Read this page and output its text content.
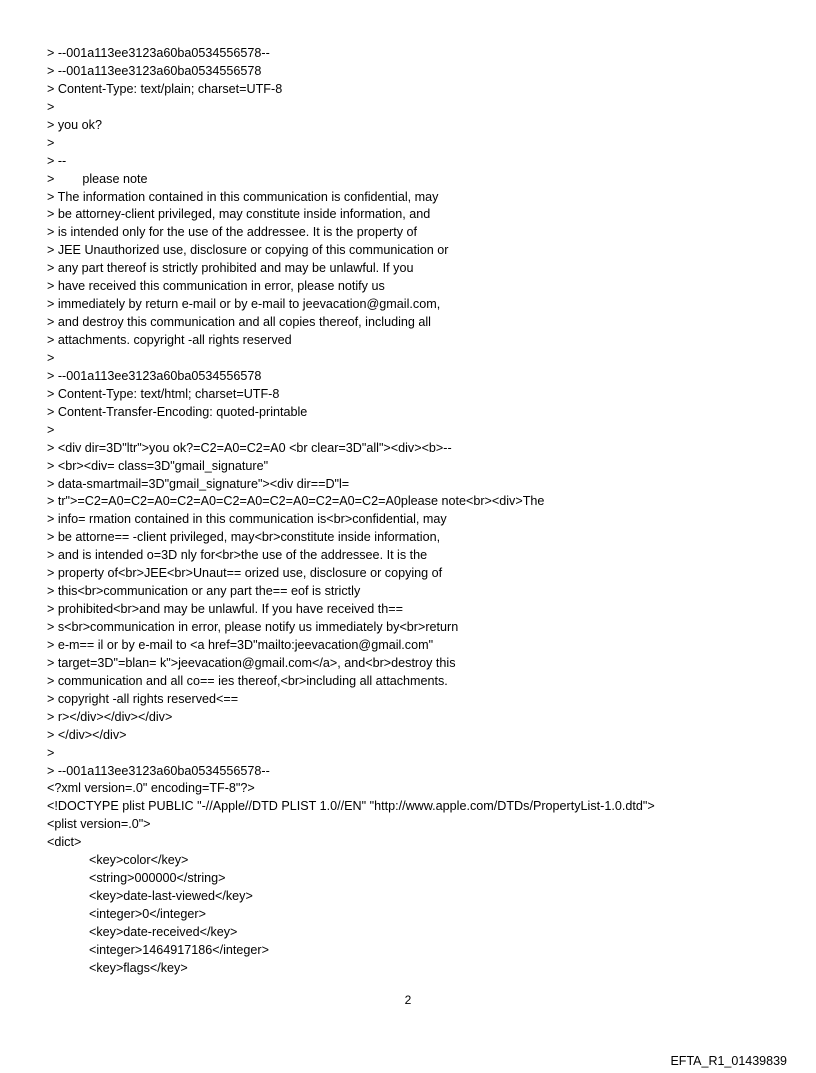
> --001a113ee3123a60ba0534556578--
> --001a113ee3123a60ba0534556578
> Content-Type: text/plain; charset=UTF-8
>
> you ok?
>
> --
>        please note
> The information contained in this communication is confidential, may
> be attorney-client privileged, may constitute inside information, and
> is intended only for the use of the addressee. It is the property of
> JEE Unauthorized use, disclosure or copying of this communication or
> any part thereof is strictly prohibited and may be unlawful. If you
> have received this communication in error, please notify us
> immediately by return e-mail or by e-mail to jeevacation@gmail.com,
> and destroy this communication and all copies thereof, including all
> attachments. copyright -all rights reserved
>
> --001a113ee3123a60ba0534556578
> Content-Type: text/html; charset=UTF-8
> Content-Transfer-Encoding: quoted-printable
>
> <div dir=3D"ltr">you ok?=C2=A0=C2=A0 <br clear=3D"all"><div><b>--
> <br><div= class=3D"gmail_signature"
> data-smartmail=3D"gmail_signature"><div dir==D"l=
> tr">=C2=A0=C2=A0=C2=A0=C2=A0=C2=A0=C2=A0=C2=A0please note<br><div>The
> info= rmation contained in this communication is<br>confidential, may
> be attorne== -client privileged, may<br>constitute inside information,
> and is intended o=3D nly for<br>the use of the addressee. It is the
> property of<br>JEE<br>Unaut== orized use, disclosure or copying of
> this<br>communication or any part the== eof is strictly
> prohibited<br>and may be unlawful. If you have received th==
> s<br>communication in error, please notify us immediately by<br>return
> e-m== il or by e-mail to <a href=3D"mailto:jeevacation@gmail.com"
> target=3D"=blan= k">jeevacation@gmail.com</a>, and<br>destroy this
> communication and all co== ies thereof,<br>including all attachments.
> copyright -all rights reserved<==
> r></div></div></div>
> </div></div>
>
> --001a113ee3123a60ba0534556578--
<?xml version=.0" encoding=TF-8"?>
<!DOCTYPE plist PUBLIC "-//Apple//DTD PLIST 1.0//EN" "http://www.apple.com/DTDs/PropertyList-1.0.dtd">
<plist version=.0">
<dict>
<key>color</key>
<string>000000</string>
<key>date-last-viewed</key>
<integer>0</integer>
<key>date-received</key>
<integer>1464917186</integer>
<key>flags</key>
2
EFTA_R1_01439839
